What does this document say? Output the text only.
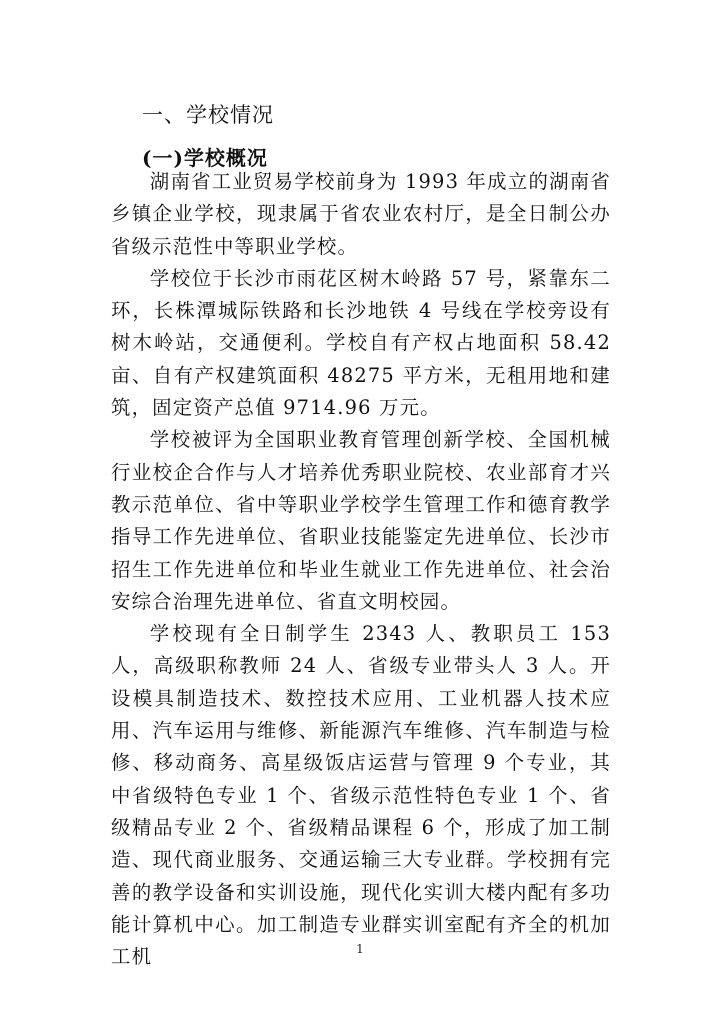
一、学校情况
(一)学校概况

湖南省工业贸易学校前身为 1993 年成立的湖南省乡镇企业学校，现隶属于省农业农村厅，是全日制公办省级示范性中等职业学校。

学校位于长沙市雨花区树木岭路 57 号，紧靠东二环，长株潭城际铁路和长沙地铁 4 号线在学校旁设有树木岭站，交通便利。学校自有产权占地面积 58.42 亩、自有产权建筑面积 48275 平方米，无租用地和建筑，固定资产总值 9714.96 万元。

学校被评为全国职业教育管理创新学校、全国机械行业校企合作与人才培养优秀职业院校、农业部育才兴教示范单位、省中等职业学校学生管理工作和德育教学指导工作先进单位、省职业技能鉴定先进单位、长沙市招生工作先进单位和毕业生就业工作先进单位、社会治安综合治理先进单位、省直文明校园。

学校现有全日制学生 2343 人、教职员工 153 人，高级职称教师 24 人、省级专业带头人 3 人。开设模具制造技术、数控技术应用、工业机器人技术应用、汽车运用与维修、新能源汽车维修、汽车制造与检修、移动商务、高星级饭店运营与管理 9 个专业，其中省级特色专业 1 个、省级示范性特色专业 1 个、省级精品专业 2 个、省级精品课程 6 个，形成了加工制造、现代商业服务、交通运输三大专业群。学校拥有完善的教学设备和实训设施，现代化实训大楼内配有多功能计算机中心。加工制造专业群实训室配有齐全的机加工机	1
